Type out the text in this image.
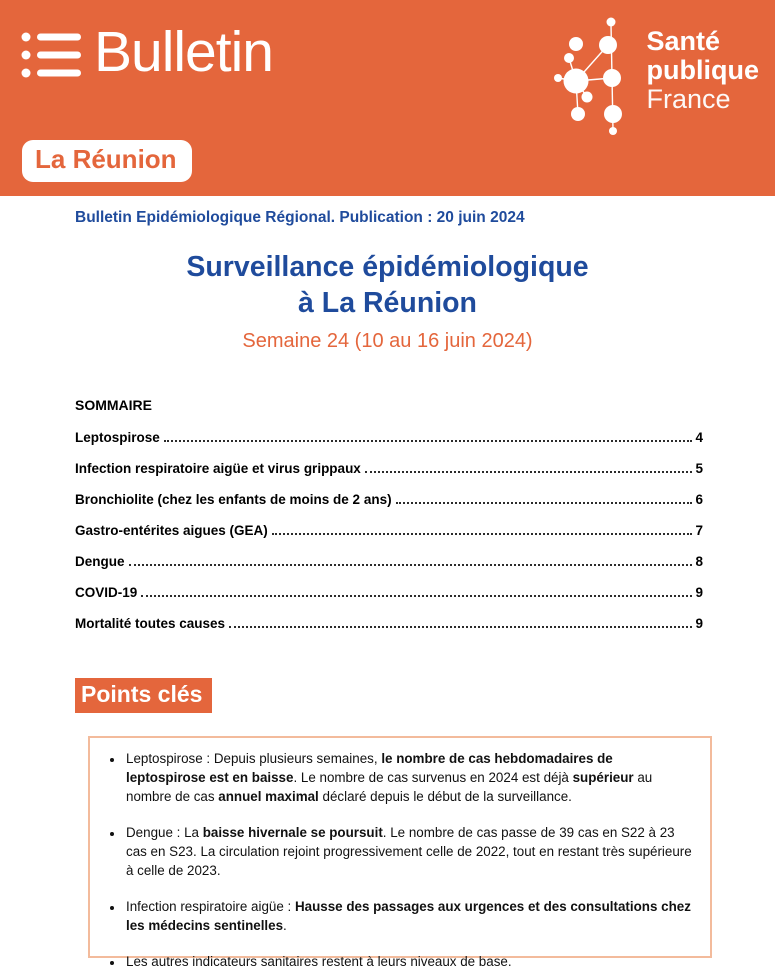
Bulletin	Santé
publique
France
La Réunion
Bulletin Epidémiologique Régional. Publication : 20 juin 2024
Surveillance épidémiologique
à La Réunion
Semaine 24 (10 au 16 juin 2024)
SOMMAIRE
Leptospirose	4
Infection respiratoire aigüe et virus grippaux	5
Bronchiolite (chez les enfants de moins de 2 ans)	6
Gastro-entérites aigues (GEA)	7
Dengue	8
COVID-19	9
Mortalité toutes causes	9
Points clés
• Leptospirose : Depuis plusieurs semaines, le nombre de cas hebdomadaires de leptospirose est en baisse. Le nombre de cas survenus en 2024 est déjà supérieur au nombre de cas annuel maximal déclaré depuis le début de la surveillance.
• Dengue : La baisse hivernale se poursuit. Le nombre de cas passe de 39 cas en S22 à 23 cas en S23. La circulation rejoint progressivement celle de 2022, tout en restant très supérieure à celle de 2023.
• Infection respiratoire aigüe : Hausse des passages aux urgences et des consultations chez les médecins sentinelles.
• Les autres indicateurs sanitaires restent à leurs niveaux de base.
